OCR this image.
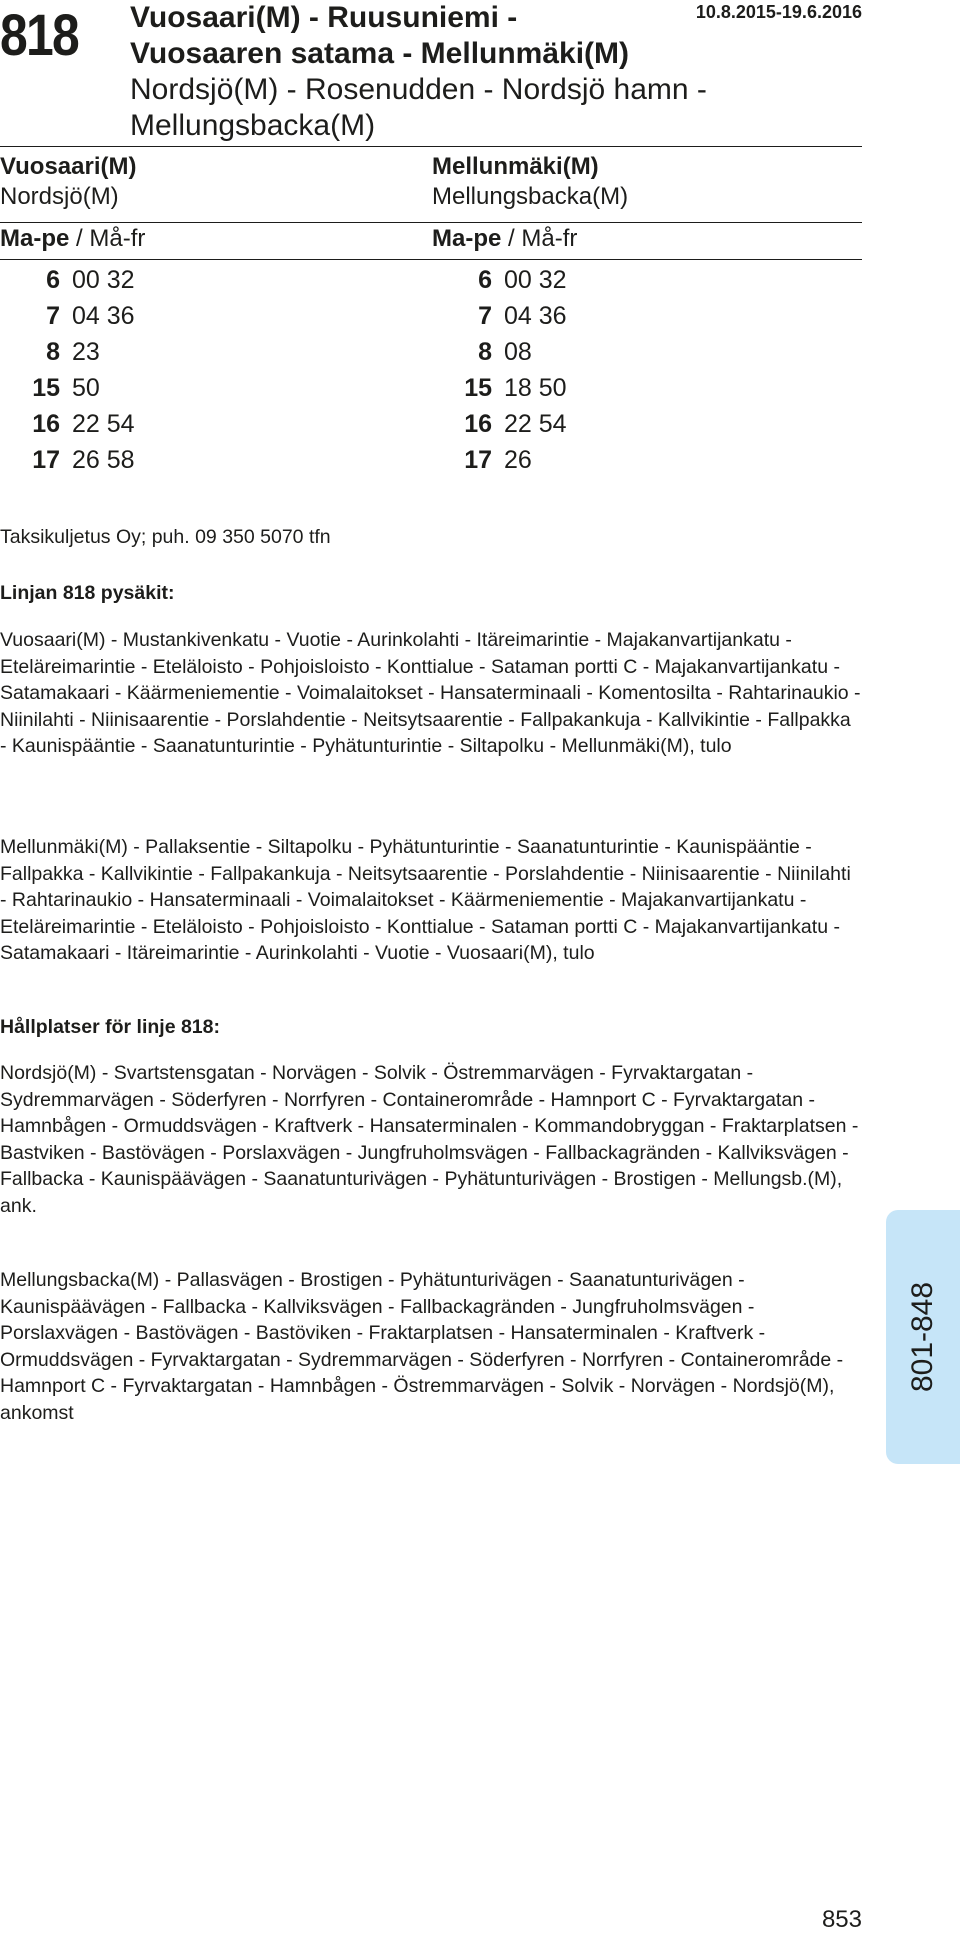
818 Vuosaari(M) - Ruusuniemi -
Vuosaaren satama - Mellunmäki(M)
Nordsjö(M) - Rosenudden - Nordsjö hamn -
Mellungsbacka(M)
10.8.2015-19.6.2016
Vuosaari(M)
Nordsjö(M)
Mellunmäki(M)
Mellungsbacka(M)
Ma-pe / Må-fr	Ma-pe / Må-fr
6 00 32
7 04 36
8 23
15 50
16 22 54
17 26 58
6 00 32
7 04 36
8 08
15 18 50
16 22 54
17 26
Taksikuljetus Oy; puh. 09 350 5070 tfn
Linjan 818 pysäkit:
Vuosaari(M) - Mustankivenkatu - Vuotie - Aurinkolahti - Itäreimarintie - Majakanvartijankatu - Eteläreimarintie - Eteläloisto - Pohjoisloisto - Konttialue - Sataman portti C - Majakanvartijankatu - Satamakaari - Käärmeniementie - Voimalaitokset - Hansaterminaali - Komentosilta - Rahtarinaukio - Niinilahti - Niinisaarentie - Porslahdentie - Neitsytsaarentie - Fallpakankuja - Kallvikintie - Fallpakka - Kaunispääntie - Saanatunturintie - Pyhätunturintie - Siltapolku - Mellunmäki(M), tulo
Mellunmäki(M) - Pallaksentie - Siltapolku - Pyhätunturintie - Saanatunturintie - Kaunispääntie - Fallpakka - Kallvikintie - Fallpakankuja - Neitsytsaarentie - Porslahdentie - Niinisaarentie - Niinilahti - Rahtarinaukio - Hansaterminaali - Voimalaitokset - Käärmeniementie - Majakanvartijankatu - Eteläreimarintie - Eteläloisto - Pohjoisloisto - Konttialue - Sataman portti C - Majakanvartijankatu - Satamakaari - Itäreimarintie - Aurinkolahti - Vuotie - Vuosaari(M), tulo
Hållplatser för linje 818:
Nordsjö(M) - Svartstensgatan - Norvägen - Solvik - Östremmarvägen - Fyrvaktargatan - Sydremmarvägen - Söderfyren - Norrfyren - Containerområde - Hamnport C - Fyrvaktargatan - Hamnbågen - Ormuddsvägen - Kraftverk - Hansaterminalen - Kommandobryggan - Fraktarplatsen - Bastviken - Bastövägen - Porslaxvägen - Jungfruholmsvägen - Fallbackagränden - Kallviksvägen - Fallbacka - Kaunispäävägen - Saanatunturivägen - Pyhätunturivägen - Brostigen - Mellungsb.(M), ank.
Mellungsbacka(M) - Pallasvägen - Brostigen - Pyhätunturivägen - Saanatunturivägen - Kaunispäävägen - Fallbacka - Kallviksvägen - Fallbackagränden - Jungfruholmsvägen - Porslaxvägen - Bastövägen - Bastöviken - Fraktarplatsen - Hansaterminalen - Kraftverk - Ormuddsvägen - Fyrvaktargatan - Sydremmarvägen - Söderfyren - Norrfyren - Containerområde - Hamnport C - Fyrvaktargatan - Hamnbågen - Östremmarvägen - Solvik - Norvägen - Nordsjö(M), ankomst
801-848
853
